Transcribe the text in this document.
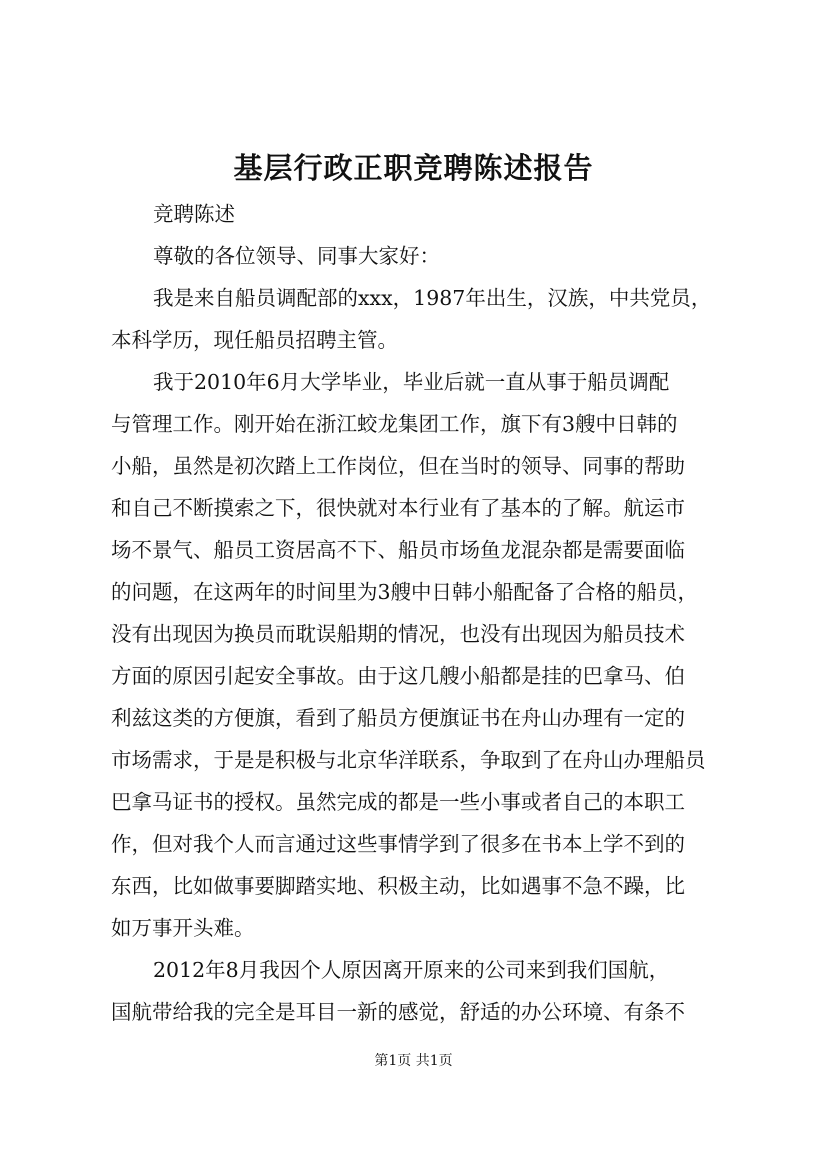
基层行政正职竞聘陈述报告
竞聘陈述
尊敬的各位领导、同事大家好：
我是来自船员调配部的xxx，1987年出生，汉族，中共党员，
本科学历，现任船员招聘主管。
我于2010年6月大学毕业，毕业后就一直从事于船员调配
与管理工作。刚开始在浙江蛟龙集团工作，旗下有3艘中日韩的
小船，虽然是初次踏上工作岗位，但在当时的领导、同事的帮助
和自己不断摸索之下，很快就对本行业有了基本的了解。航运市
场不景气、船员工资居高不下、船员市场鱼龙混杂都是需要面临
的问题，在这两年的时间里为3艘中日韩小船配备了合格的船员，
没有出现因为换员而耽误船期的情况，也没有出现因为船员技术
方面的原因引起安全事故。由于这几艘小船都是挂的巴拿马、伯
利兹这类的方便旗，看到了船员方便旗证书在舟山办理有一定的
市场需求，于是是积极与北京华洋联系，争取到了在舟山办理船员
巴拿马证书的授权。虽然完成的都是一些小事或者自己的本职工
作，但对我个人而言通过这些事情学到了很多在书本上学不到的
东西，比如做事要脚踏实地、积极主动，比如遇事不急不躁，比
如万事开头难。
2012年8月我因个人原因离开原来的公司来到我们国航，
国航带给我的完全是耳目一新的感觉，舒适的办公环境、有条不
第1页 共1页
